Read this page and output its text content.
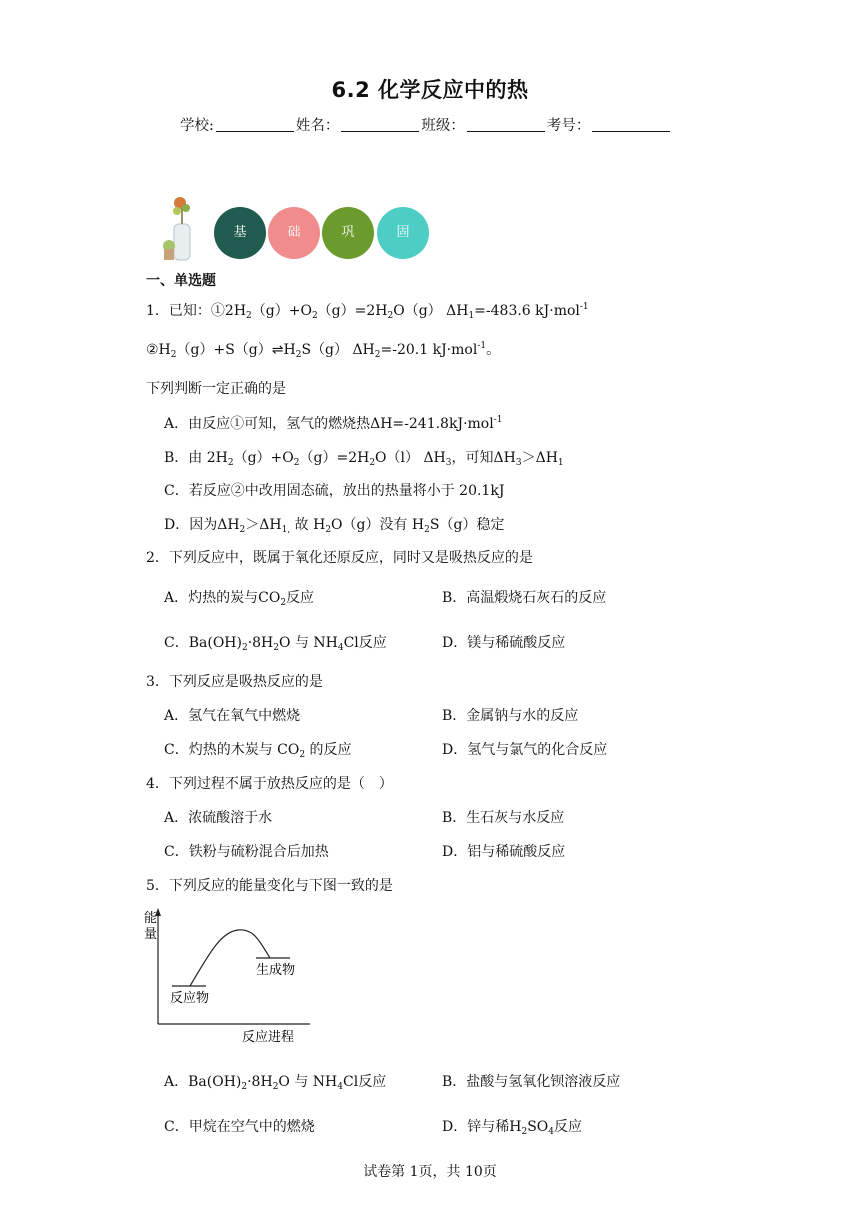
6.2 化学反应中的热
学校:	姓名：	班级：	考号：
基	础	巩	固
一、单选题
1．已知：$①2H_2(g)+O_2(g)=2H_2O(g)$ $\Delta H_1=-483.6$ kJ·mol$^{-1}$
$②H_2(g)+S(g)\rightleftharpoons H_2S(g)$ $\Delta H_2=-20.1$ kJ·mol$^{-1}$。
下列判断一定正确的是
A．由反应①可知，氢气的燃烧热ΔH=-241.8kJ·mol$^{-1}$
B．由 $2H_2(g)+O_2(g)=2H_2O(l)$ $\Delta H_3$，可知$\Delta H_3>\Delta H_1$
C．若反应②中改用固态硫，放出的热量将小于 20.1kJ
D．因为$\Delta H_2>\Delta H_{1,}$ 故 $H_2O(g)$没有 $H_2S(g)$稳定
2．下列反应中，既属于氧化还原反应，同时又是吸热反应的是
A．灼热的炭与$CO_2$反应	B．高温煅烧石灰石的反应
C．$Ba(OH)_2\cdot 8H_2O$ 与 $NH_4Cl$反应	D．镁与稀硫酸反应
3．下列反应是吸热反应的是
A．氢气在氧气中燃烧	B．金属钠与水的反应
C．灼热的木炭与 $CO_2$ 的反应	D．氢气与氯气的化合反应
4．下列过程不属于放热反应的是（　）
A．浓硫酸溶于水	B．生石灰与水反应
C．铁粉与硫粉混合后加热	D．铝与稀硫酸反应
5．下列反应的能量变化与下图一致的是
能
量
生成物
反应物
反应进程
A．$Ba(OH)_2\cdot 8H_2O$ 与 $NH_4Cl$反应	B．盐酸与氢氧化钡溶液反应
C．甲烷在空气中的燃烧	D．锌与稀$H_2SO_4$反应
试卷第 1页，共 10页
